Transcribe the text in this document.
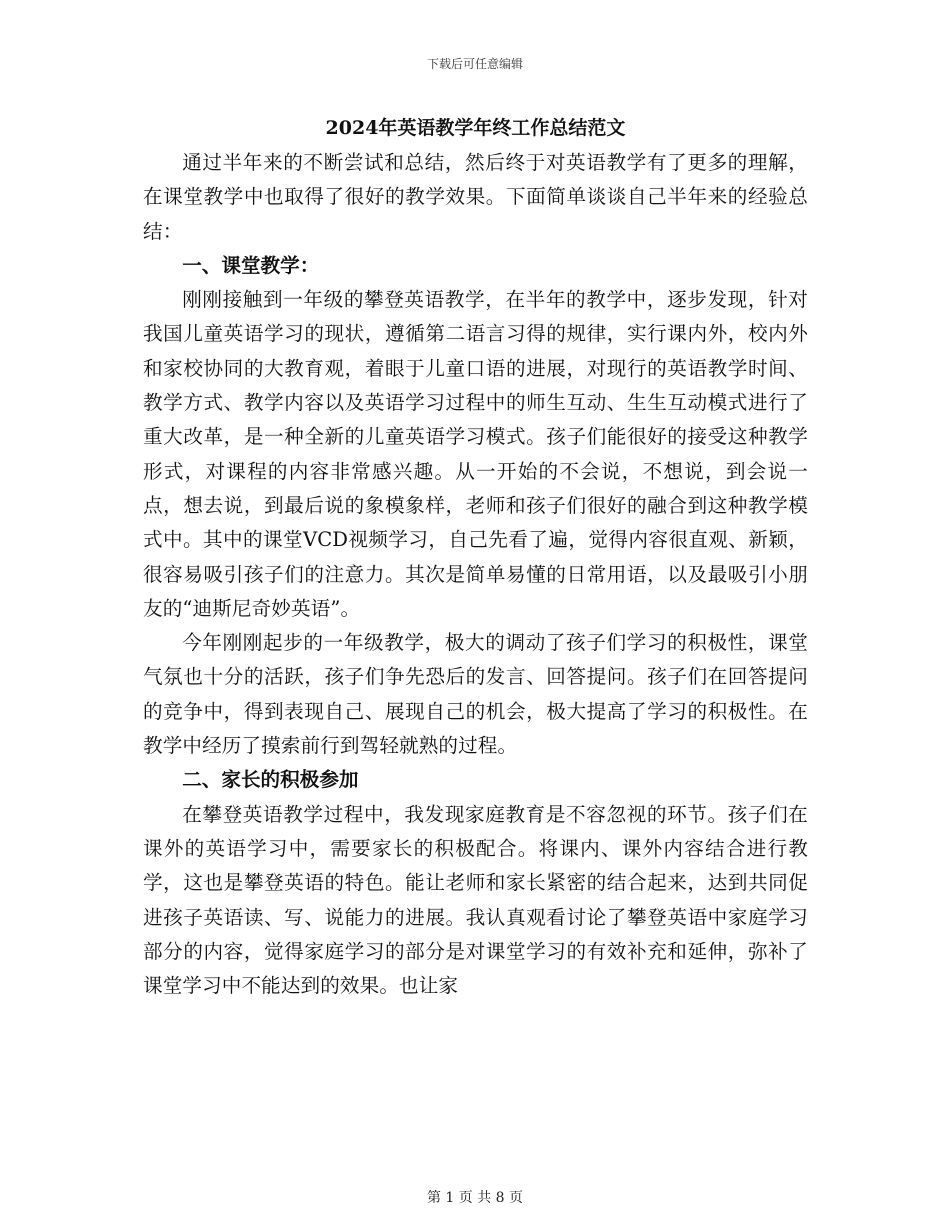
下载后可任意编辑
2024年英语教学年终工作总结范文

通过半年来的不断尝试和总结，然后终于对英语教学有了更多的理解，在课堂教学中也取得了很好的教学效果。下面简单谈谈自己半年来的经验总结：

一、课堂教学：

刚刚接触到一年级的攀登英语教学，在半年的教学中，逐步发现，针对我国儿童英语学习的现状，遵循第二语言习得的规律，实行课内外，校内外和家校协同的大教育观，着眼于儿童口语的进展，对现行的英语教学时间、教学方式、教学内容以及英语学习过程中的师生互动、生生互动模式进行了重大改革，是一种全新的儿童英语学习模式。孩子们能很好的接受这种教学形式，对课程的内容非常感兴趣。从一开始的不会说，不想说，到会说一点，想去说，到最后说的象模象样，老师和孩子们很好的融合到这种教学模式中。其中的课堂VCD视频学习，自己先看了遍，觉得内容很直观、新颖，很容易吸引孩子们的注意力。其次是简单易懂的日常用语，以及最吸引小朋友的“迪斯尼奇妙英语”。

今年刚刚起步的一年级教学，极大的调动了孩子们学习的积极性，课堂气氛也十分的活跃，孩子们争先恐后的发言、回答提问。孩子们在回答提问的竞争中，得到表现自己、展现自己的机会，极大提高了学习的积极性。在教学中经历了摸索前行到驾轻就熟的过程。

二、家长的积极参加

在攀登英语教学过程中，我发现家庭教育是不容忽视的环节。孩子们在课外的英语学习中，需要家长的积极配合。将课内、课外内容结合进行教学，这也是攀登英语的特色。能让老师和家长紧密的结合起来，达到共同促进孩子英语读、写、说能力的进展。我认真观看讨论了攀登英语中家庭学习部分的内容，觉得家庭学习的部分是对课堂学习的有效补充和延伸，弥补了课堂学习中不能达到的效果。也让家

第 1 页 共 8 页
